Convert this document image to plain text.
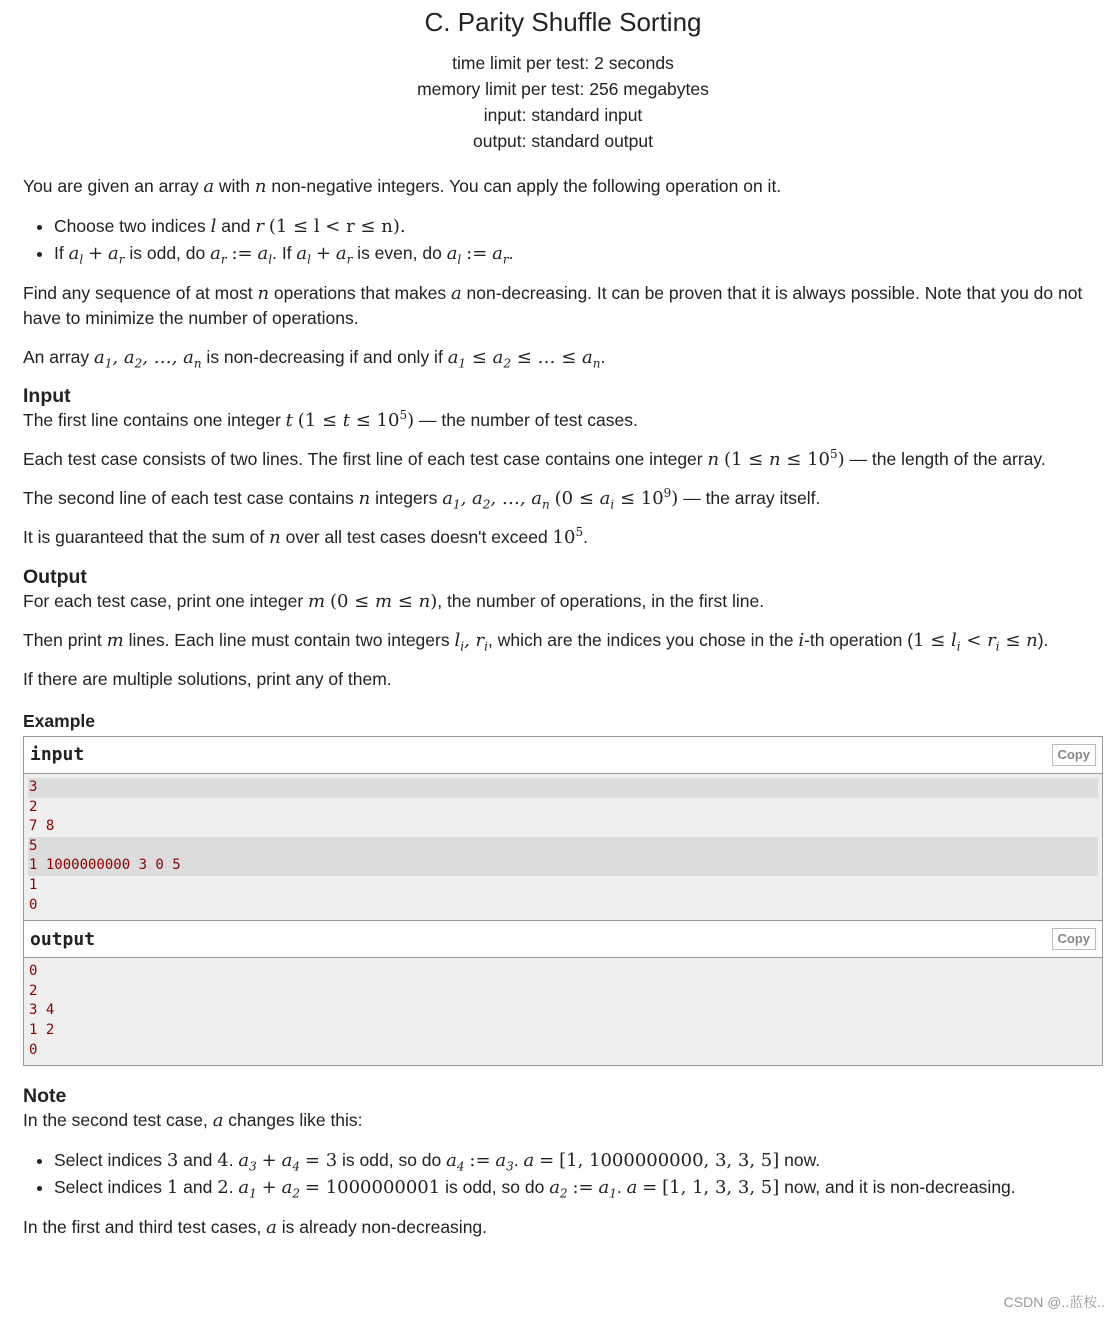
C. Parity Shuffle Sorting
time limit per test: 2 seconds
memory limit per test: 256 megabytes
input: standard input
output: standard output

You are given an array a with n non-negative integers. You can apply the following operation on it.

• Choose two indices l and r (1 ≤ l < r ≤ n).
• If $a_l + a_r$ is odd, do $a_r$ := $a_l$. If $a_l + a_r$ is even, do $a_l$ := $a_r$.

Find any sequence of at most n operations that makes a non-decreasing. It can be proven that it is always possible. Note that you do not have to minimize the number of operations.

An array $a_1$, $a_2$, …, $a_n$ is non-decreasing if and only if $a_1 \le a_2$ ≤ … ≤ $a_n$.

Input

The first line contains one integer t $(1 \le t \le 10^5)$ — the number of test cases.

Each test case consists of two lines. The first line of each test case contains one integer n $(1 \le n \le 10^5)$ — the length of the array.

The second line of each test case contains n integers $a_1$, $a_2$, …, $a_n$ $(0 \le a_i \le 10^9)$ — the array itself.

It is guaranteed that the sum of n over all test cases doesn't exceed $10^5$.

Output

For each test case, print one integer m (0 ≤ m ≤ n), the number of operations, in the first line.

Then print m lines. Each line must contain two integers $l_i$, $r_i$, which are the indices you chose in the i-th operation $(1 \le l_i < r_i \le n)$.

If there are multiple solutions, print any of them.

Example
input	Copy
3
2
7 8
5
1 1000000000 3 0 5
1
0
output	Copy
0
2
3 4
1 2
0
Note

In the second test case, a changes like this:

• Select indices 3 and 4. $a_3 + a_4 = 3$ is odd, so do $a_4$ := $a_3$. a = [1, 1000000000, 3, 3, 5] now.
• Select indices 1 and 2. $a_1 + a_2 = 1000000001$ is odd, so do $a_2$ := $a_1$. a = [1, 1, 3, 3, 5] now, and it is non-decreasing.

In the first and third test cases, a is already non-decreasing.

CSDN @..蓝桉..
